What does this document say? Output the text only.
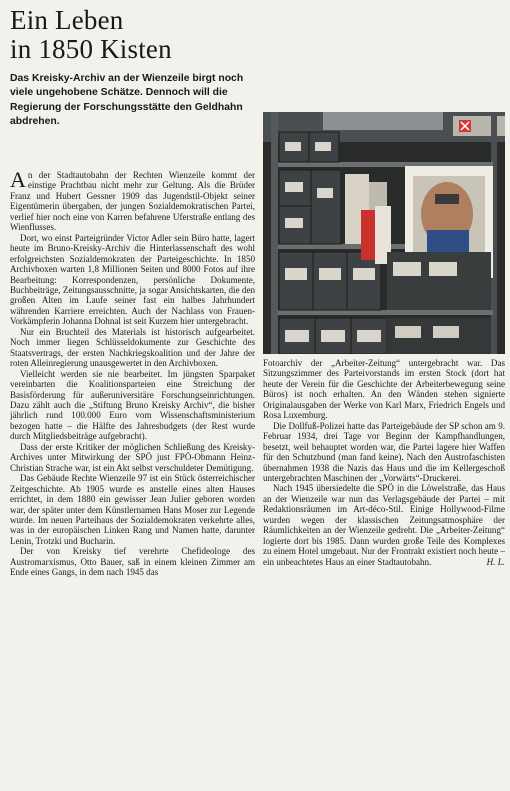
Ein Leben
in 1850 Kisten

Das Kreisky-Archiv an der Wienzeile birgt noch viele ungehobene Schätze. Dennoch will die Regierung der Forschungsstätte den Geldhahn abdrehen.

An der Stadtautobahn der Rechten Wienzeile kommt der einstige Prachtbau nicht mehr zur Geltung. Als die Brüder Franz und Hubert Gessner 1909 das Jugendstil-Objekt seiner Eigentümerin übergaben, der jungen Sozialdemokratischen Partei, verlief hier noch eine von Karren befahrene Uferstraße entlang des Wienflusses.

Dort, wo einst Parteigründer Victor Adler sein Büro hatte, lagert heute im Bruno-Kreisky-Archiv die Hinterlassenschaft des wohl erfolgreichsten Sozialdemokraten der Parteigeschichte. In 1850 Archivboxen warten 1,8 Millionen Seiten und 8000 Fotos auf ihre Bearbeitung: Korrespondenzen, persönliche Dokumente, Buchbeiträge, Zeitungsausschnitte, ja sogar Ansichtskarten, die den großen Alten im Laufe seiner fast ein halbes Jahrhundert währenden Karriere erreichten. Auch der Nachlass von Frauen-Vorkämpferin Johanna Dohnal ist seit Kurzem hier untergebracht.

Nur ein Bruchteil des Materials ist historisch aufgearbeitet. Noch immer liegen Schlüsseldokumente zur Geschichte des Staatsvertrags, der ersten Nachkriegskoalition und der Jahre der roten Alleinregierung unausgewertet in den Archivboxen.

Vielleicht werden sie nie bearbeitet. Im jüngsten Sparpaket vereinbarten die Koalitionsparteien eine Streichung der Basisförderung für außeruniversitäre Forschungseinrichtungen. Dazu zählt auch die „Stiftung Bruno Kreisky Archiv“, die bisher jährlich rund 100.000 Euro vom Wissenschaftsministerium bezogen hatte – die Hälfte des Jahresbudgets (der Rest wurde durch Mitgliedsbeiträge aufgebracht).

Dass der erste Kritiker der möglichen Schließung des Kreisky-Archives unter Mitwirkung der SPÖ just FPÖ-Obmann Heinz-Christian Strache war, ist ein Akt selbst verschuldeter Demütigung.

Das Gebäude Rechte Wienzeile 97 ist ein Stück österreichischer Zeitgeschichte. Ab 1905 wurde es anstelle eines alten Hauses errichtet, in dem 1880 ein gewisser Jean Julier geboren worden war, der später unter dem Künstlernamen Hans Moser zur Legende wurde. Im neuen Parteihaus der Sozialdemokraten verkehrte alles, was in der europäischen Linken Rang und Namen hatte, darunter Lenin, Trotzki und Bucharin.

Der von Kreisky tief verehrte Chefideologe des Austromarxismus, Otto Bauer, saß in einem kleinen Zimmer am Ende eines Gangs, in dem nach 1945 das

Fotoarchiv der „Arbeiter-Zeitung“ untergebracht war. Das Sitzungszimmer des Parteivorstands im ersten Stock (dort hat heute der Verein für die Geschichte der Arbeiterbewegung seine Büros) ist noch erhalten. An den Wänden stehen signierte Originalausgaben der Werke von Karl Marx, Friedrich Engels und Rosa Luxemburg.

Die Dollfuß-Polizei hatte das Parteigebäude der SP schon am 9. Februar 1934, drei Tage vor Beginn der Kampfhandlungen, besetzt, weil behauptet worden war, die Partei lagere hier Waffen für den Schutzbund (man fand keine). Nach den Austrofaschisten übernahmen 1938 die Nazis das Haus und die im Kellergeschoß untergebrachten Maschinen der „Vorwärts“-Druckerei.

Nach 1945 übersiedelte die SPÖ in die Löwelstraße, das Haus an der Wienzeile war nun das Verlagsgebäude der Partei – mit Redaktionsräumen im Art-déco-Stil. Einige Hollywood-Filme wurden wegen der klassischen Zeitungsatmosphäre der Räumlichkeiten an der Wienzeile gedreht. Die „Arbeiter-Zeitung“ logierte dort bis 1985. Dann wurden große Teile des Komplexes zu einem Hotel umgebaut. Nur der Frontrakt existiert noch heute – ein unbeachtetes Haus an einer Stadtautobahn.	H. L.
